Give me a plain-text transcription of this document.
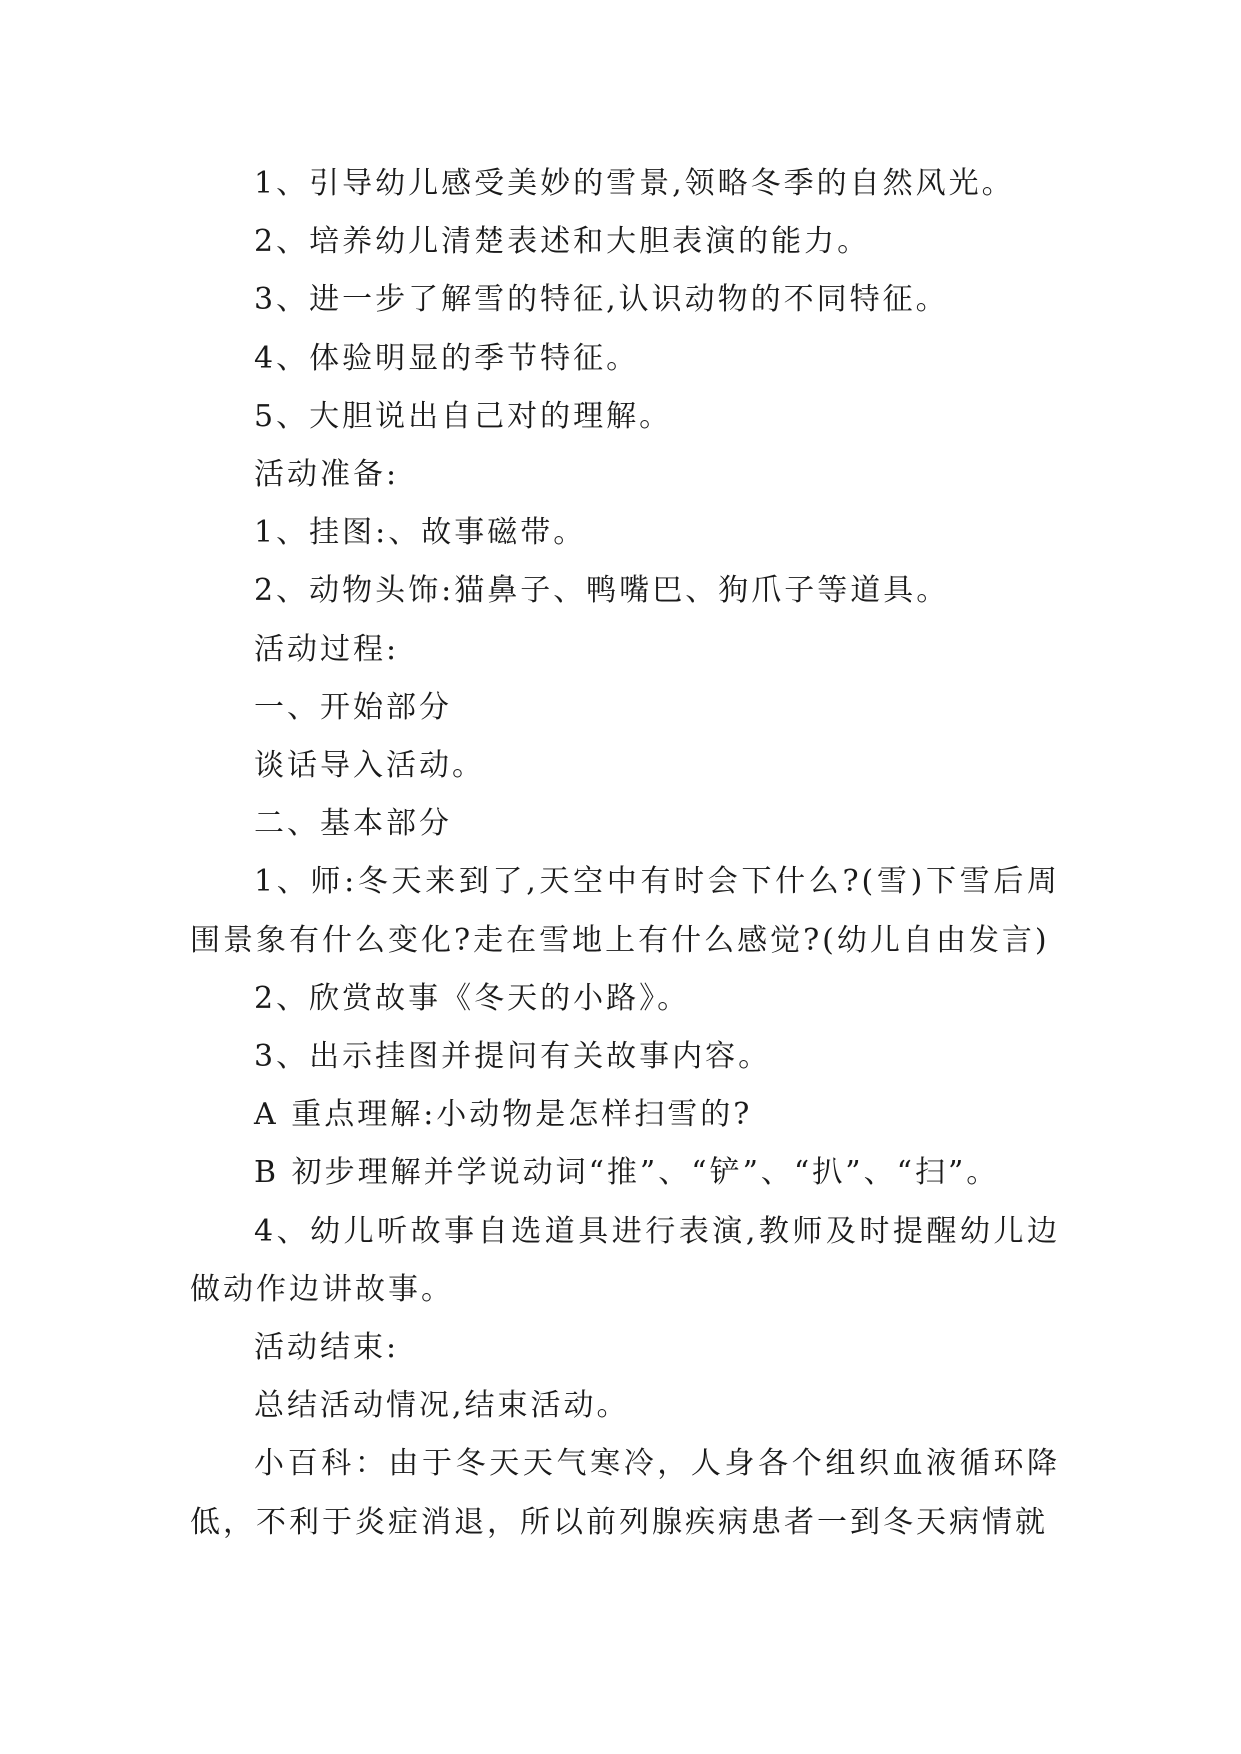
1、引导幼儿感受美妙的雪景,领略冬季的自然风光。

2、培养幼儿清楚表述和大胆表演的能力。

3、进一步了解雪的特征,认识动物的不同特征。

4、体验明显的季节特征。

5、大胆说出自己对的理解。

活动准备:

1、挂图:、故事磁带。

2、动物头饰:猫鼻子、鸭嘴巴、狗爪子等道具。

活动过程:

一、开始部分

谈话导入活动。

二、基本部分

1、师:冬天来到了,天空中有时会下什么?(雪)下雪后周围景象有什么变化?走在雪地上有什么感觉?(幼儿自由发言)

2、欣赏故事《冬天的小路》。

3、出示挂图并提问有关故事内容。

A 重点理解:小动物是怎样扫雪的?

B 初步理解并学说动词“推”、“铲”、“扒”、“扫”。

4、幼儿听故事自选道具进行表演,教师及时提醒幼儿边做动作边讲故事。

活动结束:

总结活动情况,结束活动。

小百科：由于冬天天气寒冷，人身各个组织血液循环降低，不利于炎症消退，所以前列腺疾病患者一到冬天病情就
